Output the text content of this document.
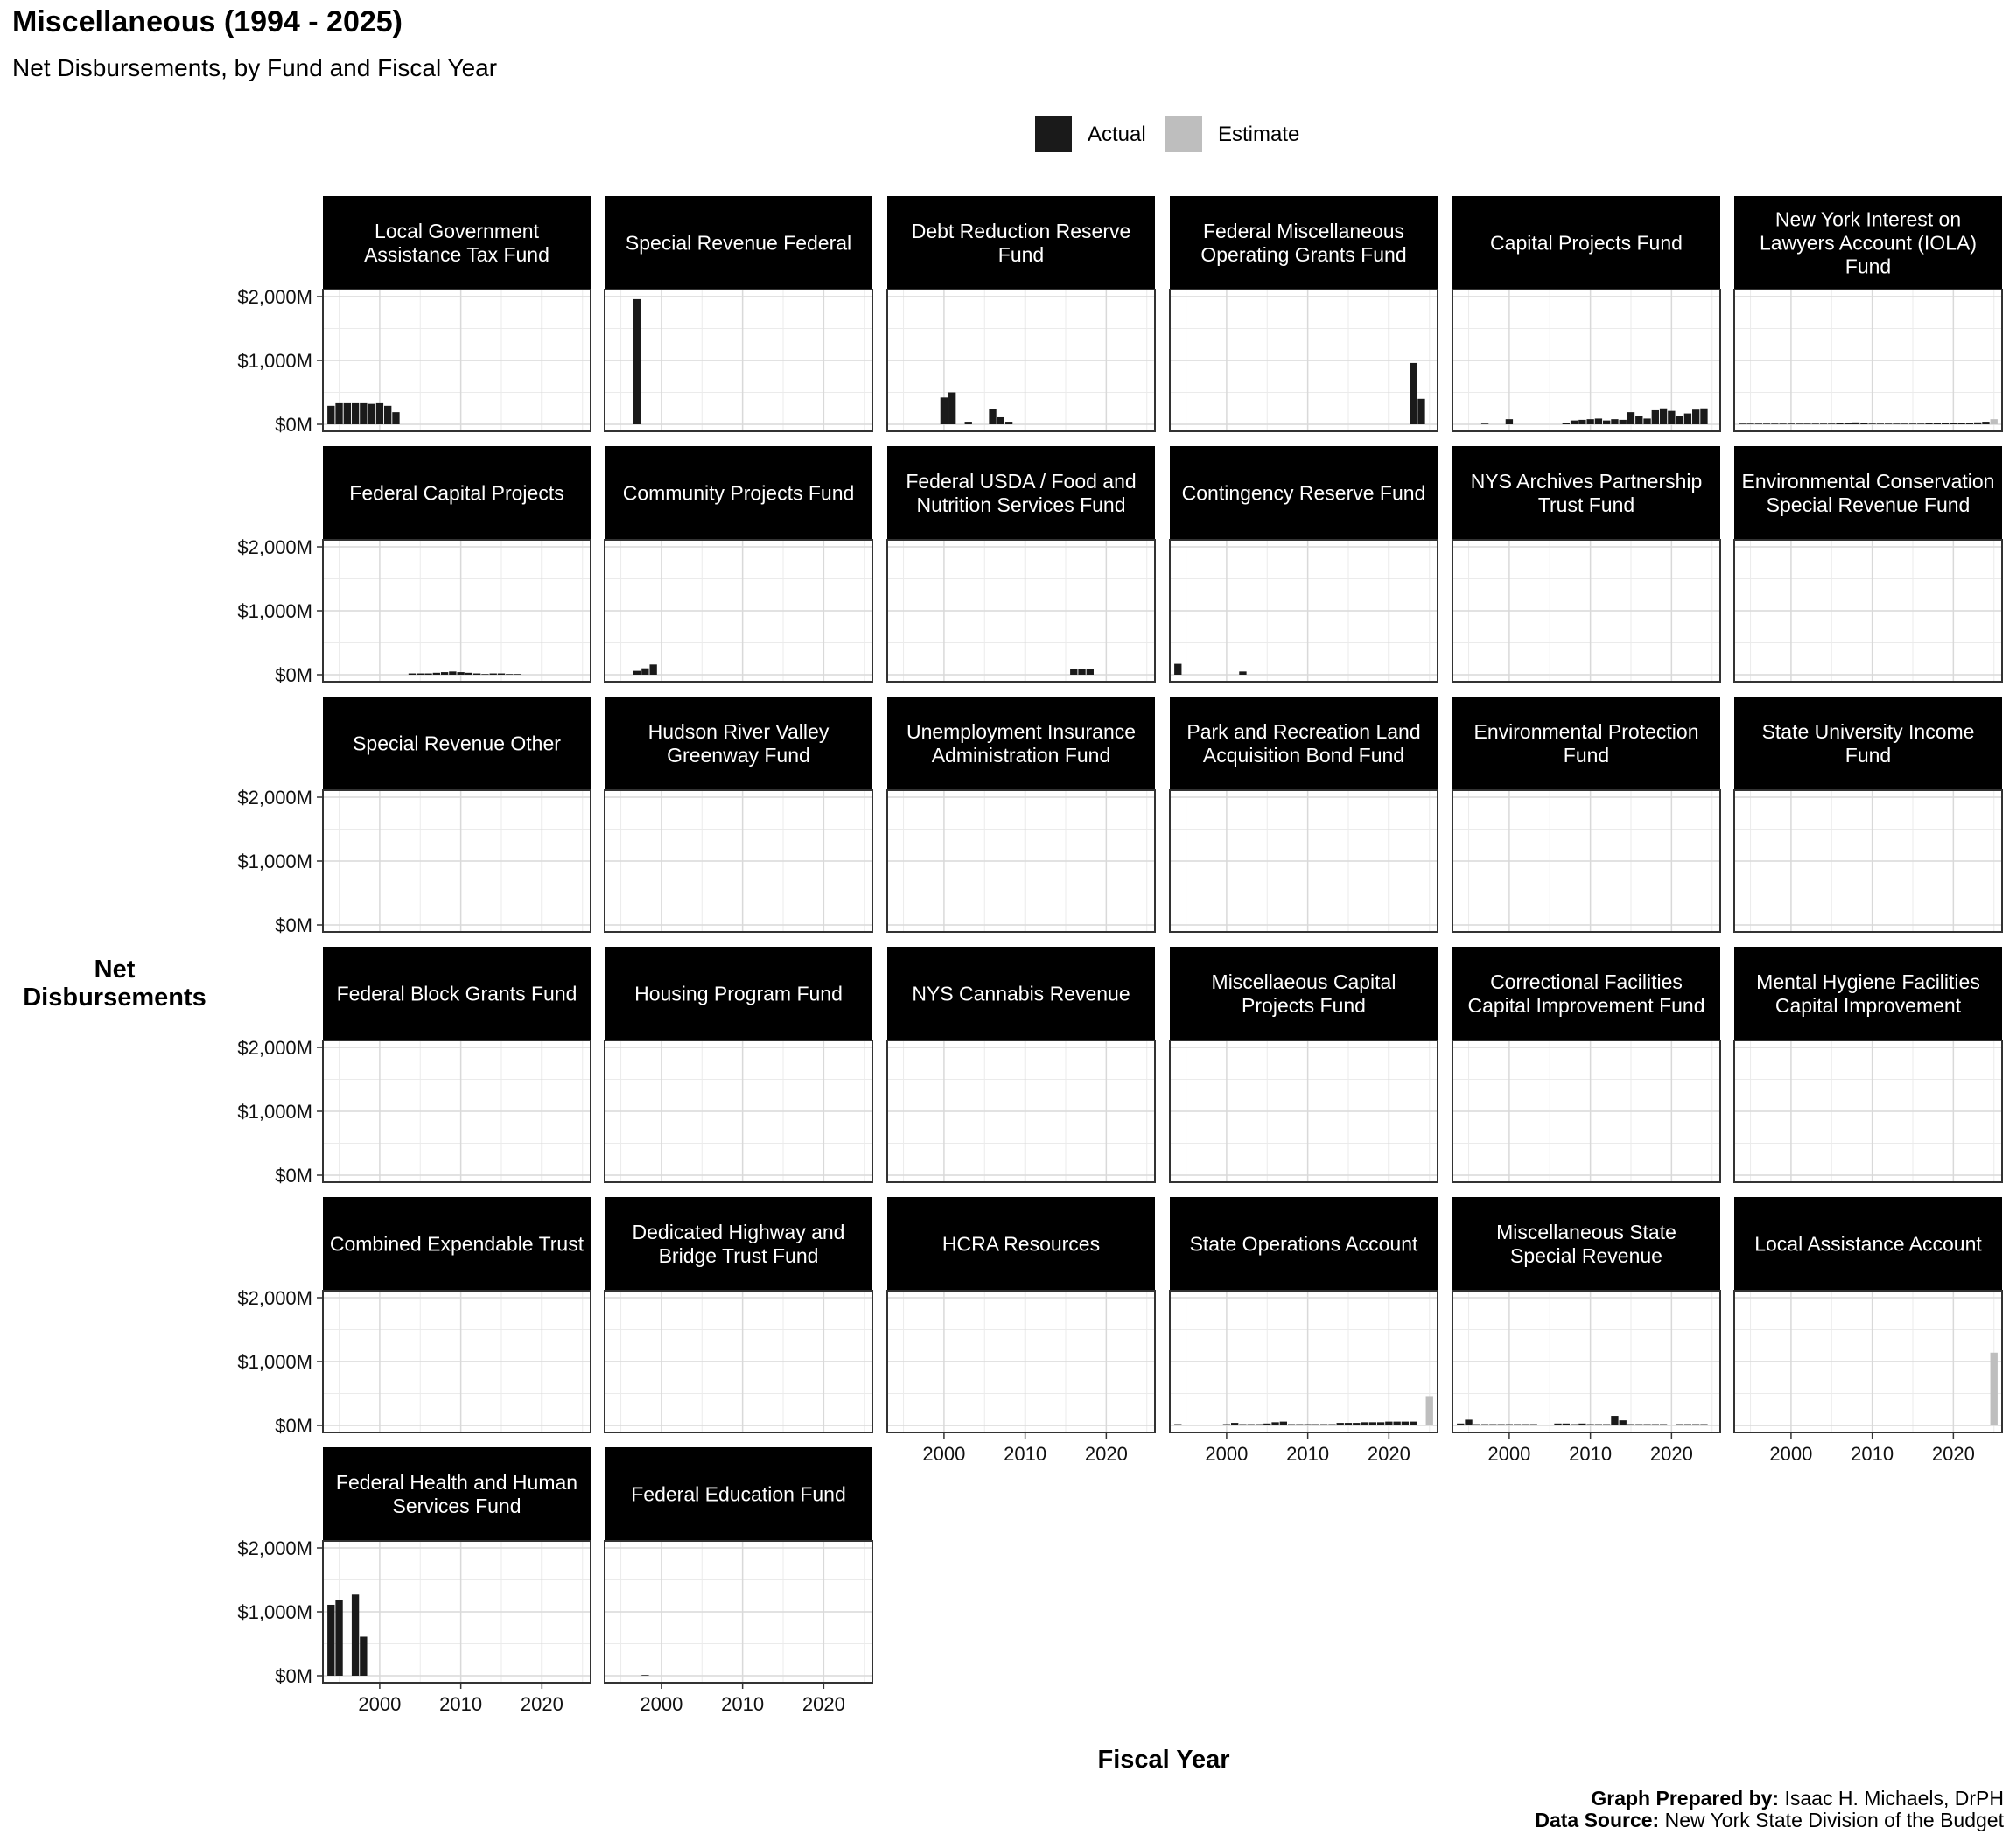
Miscellaneous (1994 - 2025)
Net Disbursements, by Fund and Fiscal Year
Actual	Estimate
Local Government Assistance Tax Fund
$0M
$1,000M
$2,000M
Special Revenue Federal
Debt Reduction Reserve Fund
Federal Miscellaneous Operating Grants Fund
Capital Projects Fund
New York Interest on Lawyers Account (IOLA) Fund
Federal Capital Projects
$0M
$1,000M
$2,000M
Community Projects Fund
Federal USDA / Food and Nutrition Services Fund
Contingency Reserve Fund
NYS Archives Partnership Trust Fund
Environmental Conservation Special Revenue Fund
Special Revenue Other
$0M
$1,000M
$2,000M
Hudson River Valley Greenway Fund
Unemployment Insurance Administration Fund
Park and Recreation Land Acquisition Bond Fund
Environmental Protection Fund
State University Income Fund
Federal Block Grants Fund
$0M
$1,000M
$2,000M
Housing Program Fund	NYS Cannabis Revenue
Miscellaeous Capital Projects Fund
Correctional Facilities Capital Improvement Fund
Mental Hygiene Facilities Capital Improvement
Combined Expendable Trust
$0M
$1,000M
$2,000M
Dedicated Highway and Bridge Trust Fund
HCRA Resources
2000 2010 2020
State Operations Account
2000 2010 2020
Miscellaneous State Special Revenue
2000 2010 2020
Local Assistance Account
2000 2010 2020
Federal Health and Human Services Fund
$0M
$1,000M
$2,000M
2000 2010 2020
Federal Education Fund
2000 2010 2020
Net Disbursements
Fiscal Year
Graph Prepared by: Isaac H. Michaels, DrPH
Data Source: New York State Division of the Budget
